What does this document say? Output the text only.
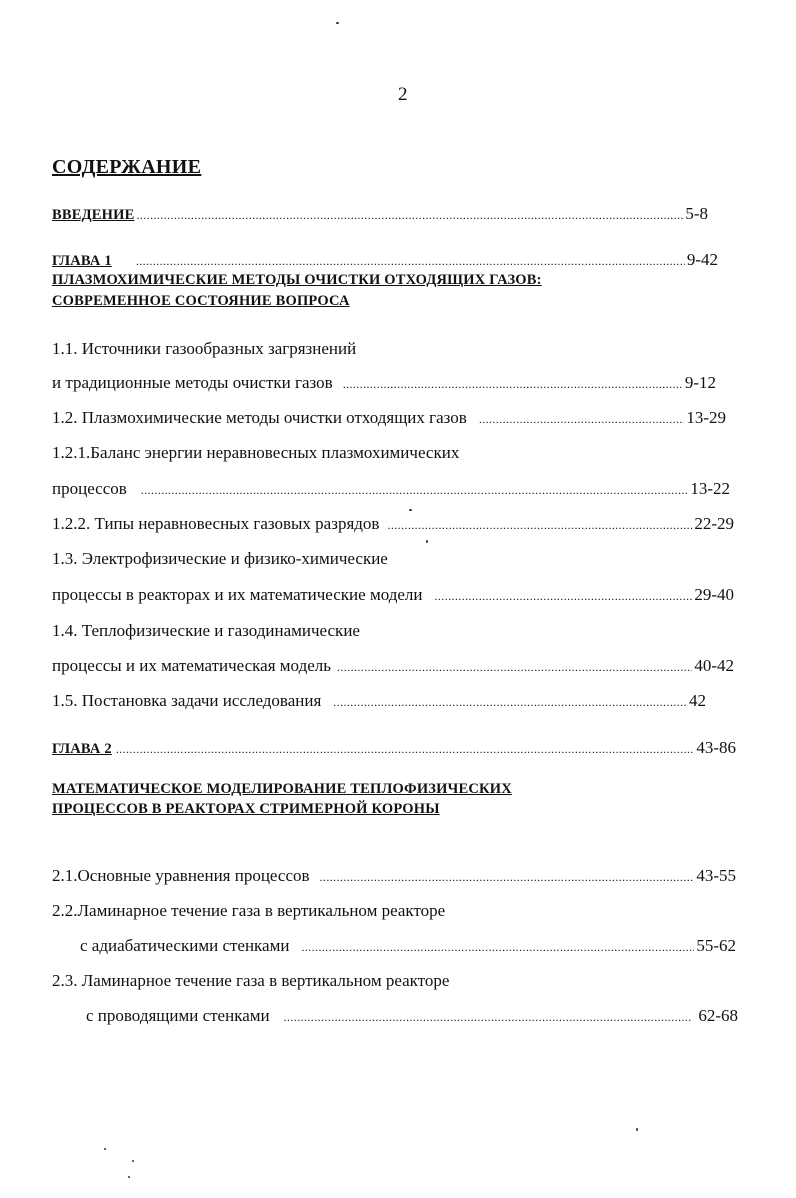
2
СОДЕРЖАНИЕ
ВВЕДЕНИЕ .....	5-8
ГЛАВА 1 .....	9-42
ПЛАЗМОХИМИЧЕСКИЕ МЕТОДЫ ОЧИСТКИ ОТХОДЯЩИХ ГАЗОВ:
СОВРЕМЕННОЕ СОСТОЯНИЕ ВОПРОСА
1.1. Источники газообразных загрязнений
и традиционные методы очистки газов .....	9-12
1.2. Плазмохимические методы очистки отходящих газов .....	13-29
1.2.1.Баланс энергии неравновесных плазмохимических
процессов .....	13-22
1.2.2. Типы неравновесных газовых разрядов .....	22-29
1.3. Электрофизические и физико-химические
процессы в реакторах и их математические модели .....	29-40
1.4. Теплофизические и газодинамические
процессы и их математическая модель .....	40-42
1.5. Постановка задачи исследования .....	42
ГЛАВА 2 .....	43-86
МАТЕМАТИЧЕСКОЕ МОДЕЛИРОВАНИЕ ТЕПЛОФИЗИЧЕСКИХ
ПРОЦЕССОВ В РЕАКТОРАХ СТРИМЕРНОЙ КОРОНЫ
2.1.Основные уравнения процессов .....	43-55
2.2.Ламинарное течение газа в вертикальном реакторе
с адиабатическими стенками .....	55-62
2.3. Ламинарное течение газа в вертикальном реакторе
с проводящими стенками .....	62-68
